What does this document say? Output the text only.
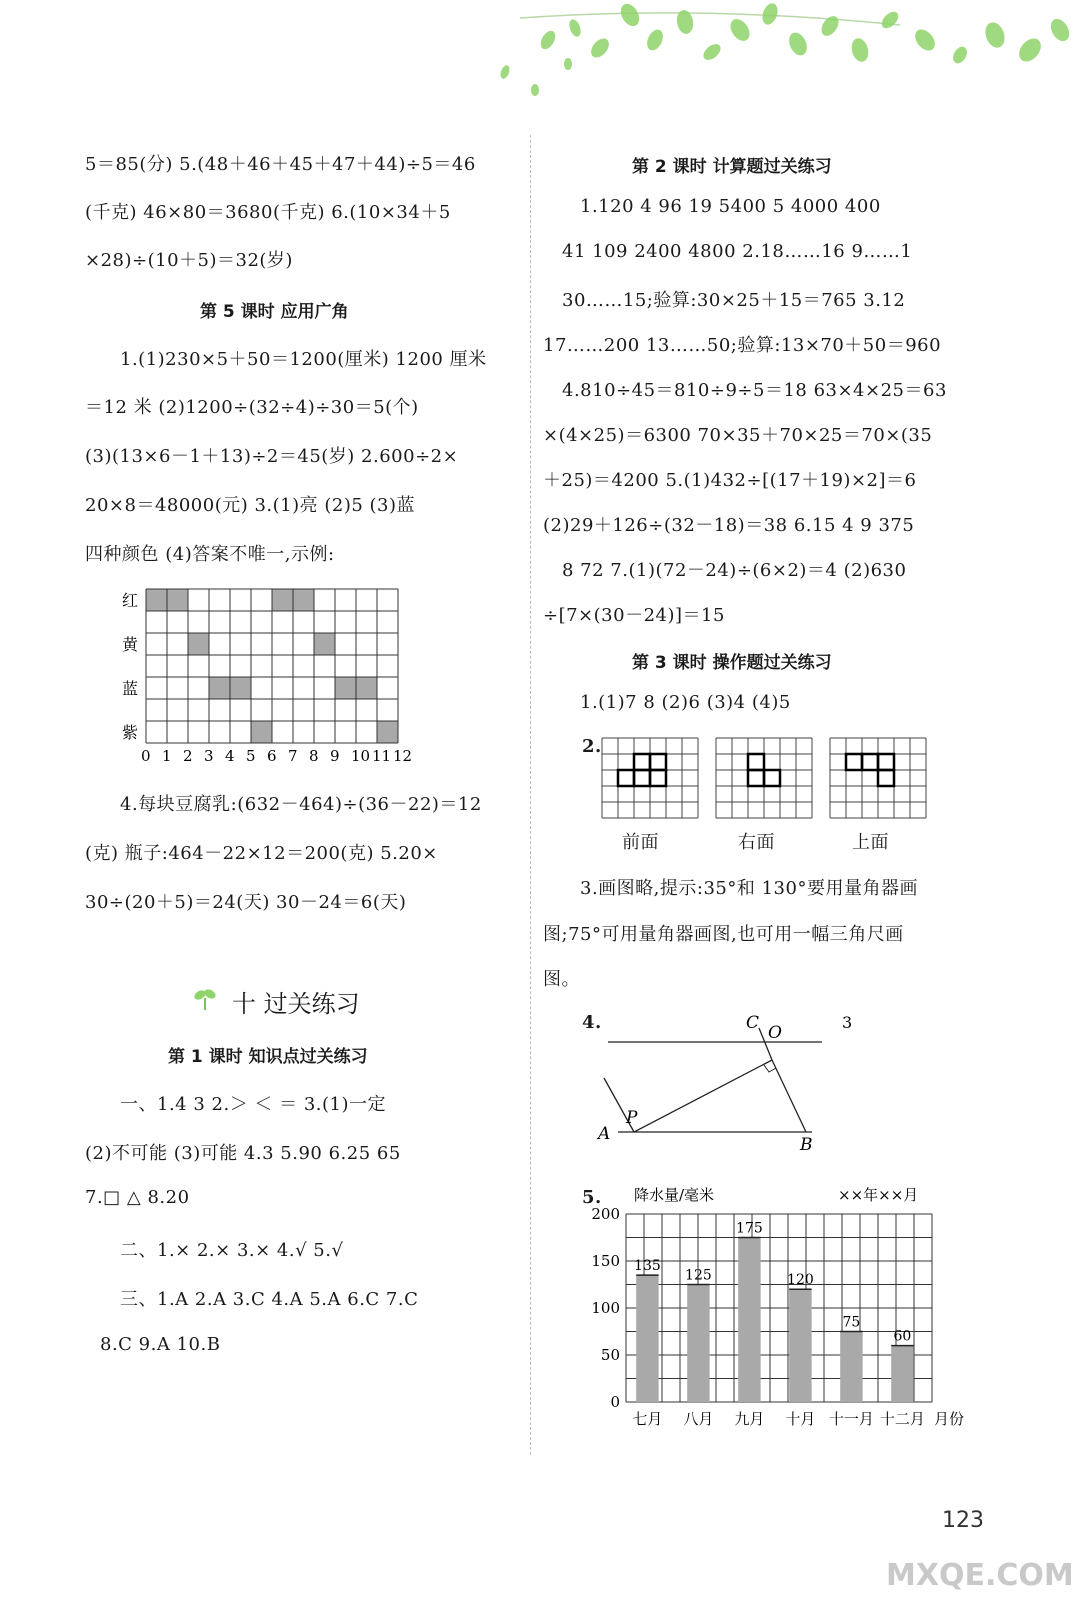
5＝85(分) 5.(48＋46＋45＋47＋44)÷5＝46
(千克) 46×80＝3680(千克) 6.(10×34＋5
×28)÷(10＋5)＝32(岁)
第 5 课时 应用广角
1.(1)230×5＋50＝1200(厘米) 1200 厘米
＝12 米 (2)1200÷(32÷4)÷30＝5(个)
(3)(13×6－1＋13)÷2＝45(岁) 2.600÷2×
20×8＝48000(元) 3.(1)亮 (2)5 (3)蓝
四种颜色 (4)答案不唯一,示例:
红
黄
蓝
紫
0 1 2 3 4 5 6 7 8 9 10 11 12
4.每块豆腐乳:(632－464)÷(36－22)＝12
(克) 瓶子:464－22×12＝200(克) 5.20×
30÷(20＋5)＝24(天) 30－24＝6(天)
十 过关练习
第 1 课时 知识点过关练习
一、1.4 3 2.＞ ＜ ＝ 3.(1)一定
(2)不可能 (3)可能 4.3 5.90 6.25 65
7.□ △ 8.20
二、1.× 2.× 3.× 4.√ 5.√
三、1.A 2.A 3.C 4.A 5.A 6.C 7.C
8.C 9.A 10.B
第 2 课时 计算题过关练习
1.120 4 96 19 5400 5 4000 400
41 109 2400 4800 2.18……16 9……1
30……15;验算:30×25＋15＝765 3.12
17……200 13……50;验算:13×70＋50＝960
4.810÷45＝810÷9÷5＝18 63×4×25＝63
×(4×25)＝6300 70×35＋70×25＝70×(35
＋25)＝4200 5.(1)432÷[(17＋19)×2]＝6
(2)29＋126÷(32－18)＝38 6.15 4 9 375
8 72 7.(1)(72－24)÷(6×2)＝4 (2)630
÷[7×(30－24)]＝15
第 3 课时 操作题过关练习
1.(1)7 8 (2)6 (3)4 (4)5
2.
前面	右面	上面
3.画图略,提示:35°和 130°要用量角器画
图;75°可用量角器画图,也可用一幅三角尺画
图。
4.	C O
3
P
A
B
5. 降水量/毫米	××年××月
0
50
100
150
200
135
七月
125
八月
175
九月
120
十月
75
十一月
60
十二月 月份
123
MXQE.COM
